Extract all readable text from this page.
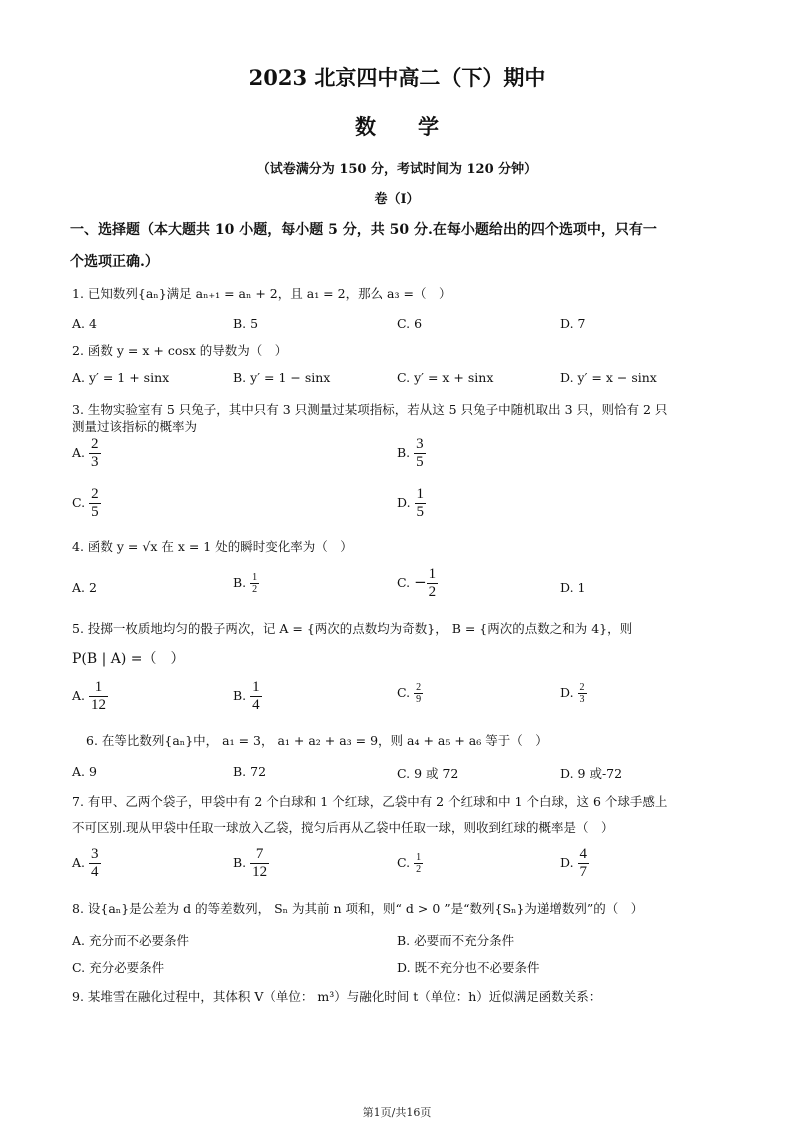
2023 北京四中高二（下）期中
数　　学
（试卷满分为 150 分，考试时间为 120 分钟）
卷（I）
一、选择题（本大题共 10 小题，每小题 5 分，共 50 分.在每小题给出的四个选项中，只有一
个选项正确.）
1. 已知数列{aₙ}满足 aₙ₊₁ = aₙ + 2，且 a₁ = 2，那么 a₃ =（　）
A. 4	B. 5	C. 6	D. 7
2. 函数 y = x + cosx 的导数为（　）
A. y′ = 1 + sinx	B. y′ = 1 − sinx	C. y′ = x + sinx	D. y′ = x − sinx
3. 生物实验室有 5 只兔子，其中只有 3 只测量过某项指标，若从这 5 只兔子中随机取出 3 只，则恰有 2 只
测量过该指标的概率为
A. $\frac{2}{3}$	B. $\frac{3}{5}$
C. $\frac{2}{5}$	D. $\frac{1}{5}$
4. 函数 y = √x 在 x = 1 处的瞬时变化率为（　）
A. 2	B. $\frac{1}{2}$	C. − $\frac{1}{2}$	D. 1
5. 投掷一枚质地均匀的骰子两次，记 A = {两次的点数均为奇数}， B = {两次的点数之和为 4}，则
P(B | A) =（　）
A. $\frac{1}{12}$	B. $\frac{1}{4}$	C. $\frac{2}{9}$	D. $\frac{2}{3}$
6. 在等比数列{aₙ}中， a₁ = 3， a₁ + a₂ + a₃ = 9，则 a₄ + a₅ + a₆ 等于（　）
A. 9	B. 72	C. 9 或 72	D. 9 或-72
7. 有甲、乙两个袋子，甲袋中有 2 个白球和 1 个红球，乙袋中有 2 个红球和中 1 个白球，这 6 个球手感上
不可区别.现从甲袋中任取一球放入乙袋，搅匀后再从乙袋中任取一球，则收到红球的概率是（　）
A. $\frac{3}{4}$	B. $\frac{7}{12}$	C. $\frac{1}{2}$	D. $\frac{4}{7}$
8. 设{aₙ}是公差为 d 的等差数列， Sₙ 为其前 n 项和，则“ d > 0 ”是“数列{Sₙ}为递增数列”的（　）
A. 充分而不必要条件	B. 必要而不充分条件
C. 充分必要条件	D. 既不充分也不必要条件
9. 某堆雪在融化过程中，其体积 V（单位： m³）与融化时间 t（单位：h）近似满足函数关系：
第1页/共16页
